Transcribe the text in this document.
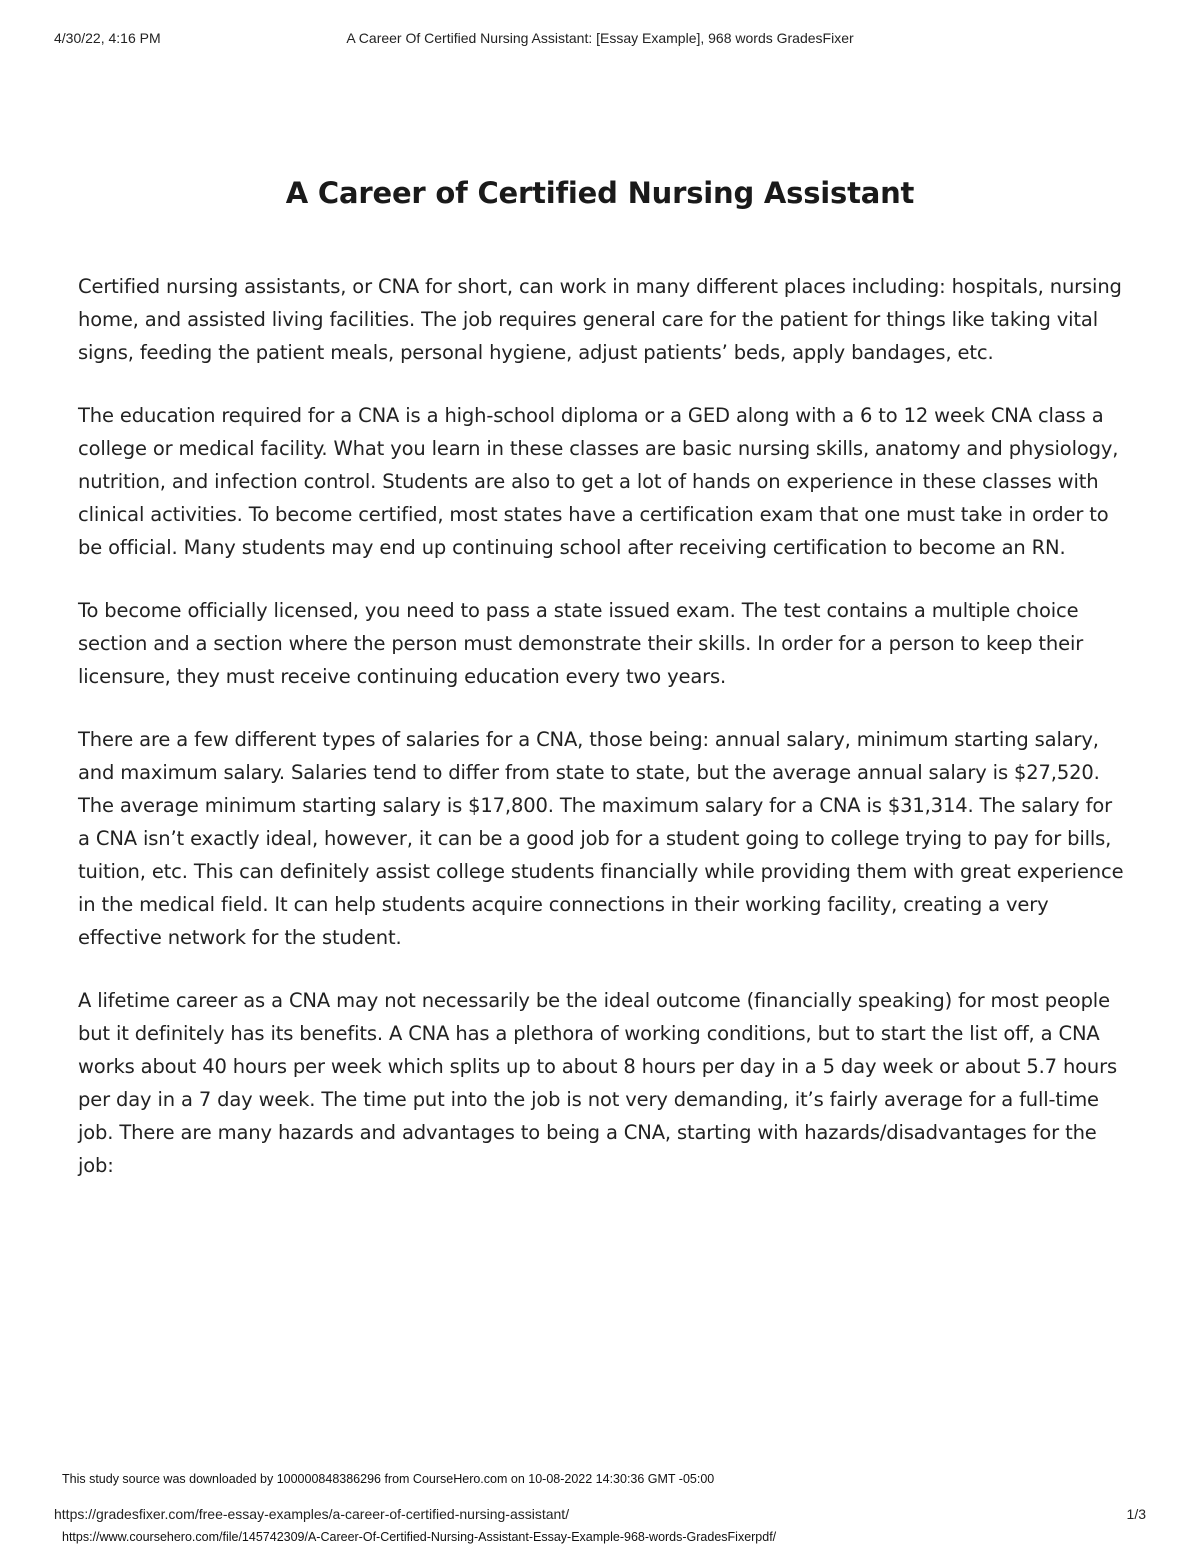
4/30/22, 4:16 PM	A Career Of Certified Nursing Assistant: [Essay Example], 968 words GradesFixer
A Career of Certified Nursing Assistant

Certified nursing assistants, or CNA for short, can work in many different places including: hospitals, nursing home, and assisted living facilities. The job requires general care for the patient for things like taking vital signs, feeding the patient meals, personal hygiene, adjust patients’ beds, apply bandages, etc.

The education required for a CNA is a high-school diploma or a GED along with a 6 to 12 week CNA class a college or medical facility. What you learn in these classes are basic nursing skills, anatomy and physiology, nutrition, and infection control. Students are also to get a lot of hands on experience in these classes with clinical activities. To become certified, most states have a certification exam that one must take in order to be official. Many students may end up continuing school after receiving certification to become an RN.

To become officially licensed, you need to pass a state issued exam. The test contains a multiple choice section and a section where the person must demonstrate their skills. In order for a person to keep their licensure, they must receive continuing education every two years.

There are a few different types of salaries for a CNA, those being: annual salary, minimum starting salary, and maximum salary. Salaries tend to differ from state to state, but the average annual salary is $27,520. The average minimum starting salary is $17,800. The maximum salary for a CNA is $31,314. The salary for a CNA isn’t exactly ideal, however, it can be a good job for a student going to college trying to pay for bills, tuition, etc. This can definitely assist college students financially while providing them with great experience in the medical field. It can help students acquire connections in their working facility, creating a very effective network for the student.

A lifetime career as a CNA may not necessarily be the ideal outcome (financially speaking) for most people but it definitely has its benefits. A CNA has a plethora of working conditions, but to start the list off, a CNA works about 40 hours per week which splits up to about 8 hours per day in a 5 day week or about 5.7 hours per day in a 7 day week. The time put into the job is not very demanding, it’s fairly average for a full-time job. There are many hazards and advantages to being a CNA, starting with hazards/disadvantages for the job:

This study source was downloaded by 100000848386296 from CourseHero.com on 10-08-2022 14:30:36 GMT -05:00
https://gradesfixer.com/free-essay-examples/a-career-of-certified-nursing-assistant/	1/3
https://www.coursehero.com/file/145742309/A-Career-Of-Certified-Nursing-Assistant-Essay-Example-968-words-GradesFixerpdf/
